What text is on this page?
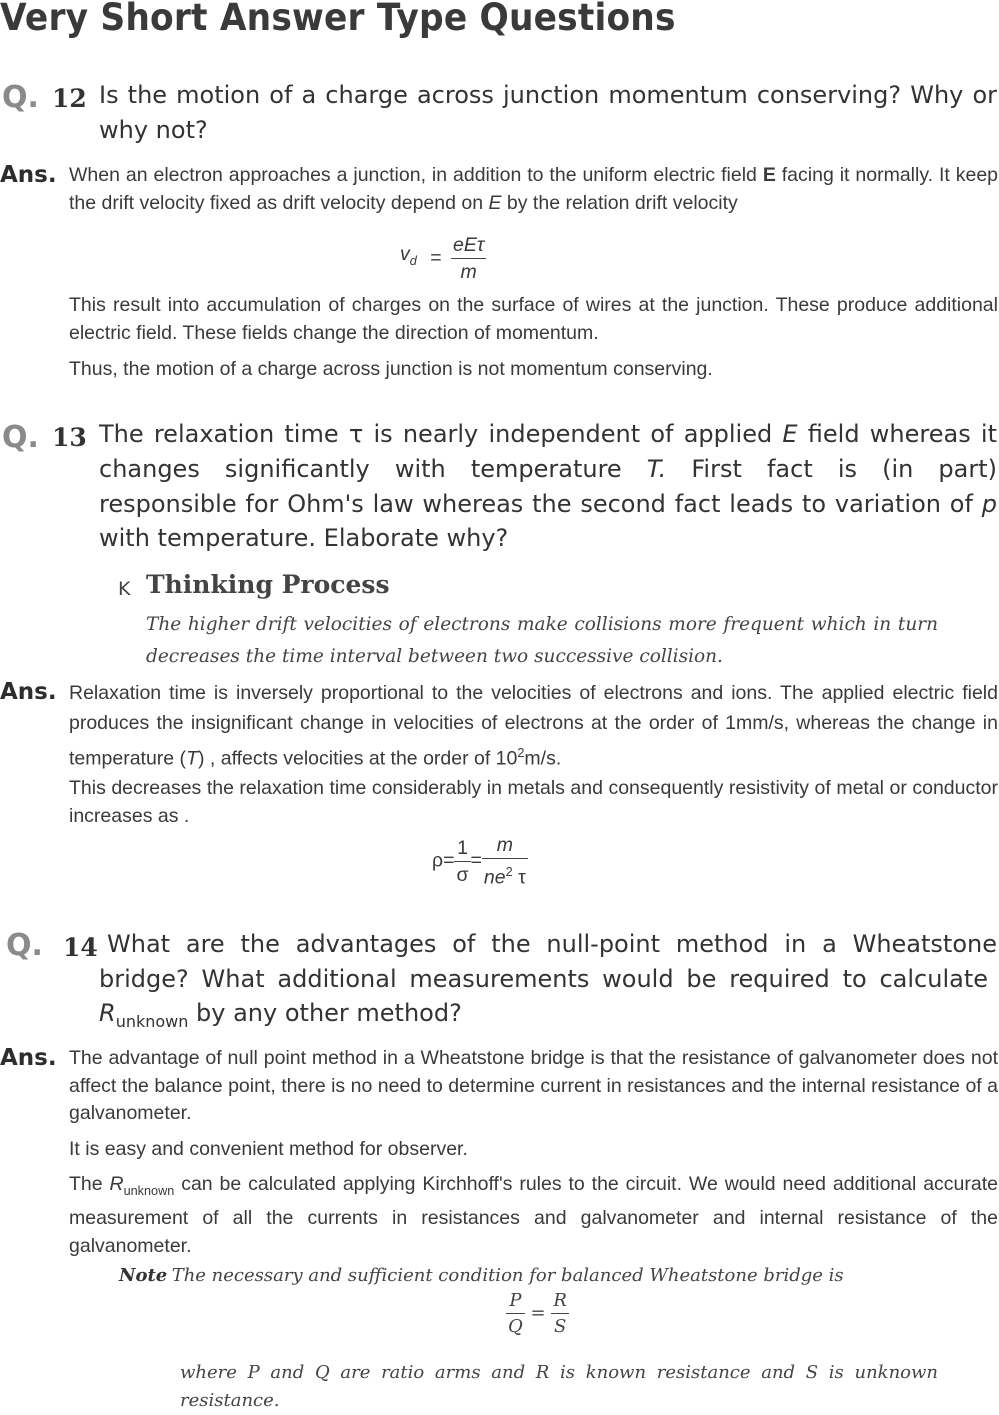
Very Short Answer Type Questions
Q. 12 Is the motion of a charge across junction momentum conserving? Why or
why not?
Ans. When an electron approaches a junction, in addition to the uniform electric field E facing it normally. It keep the drift velocity fixed as drift velocity depend on E by the relation drift velocity
$v_d = \frac{\text{eEτ}}{m}$
This result into accumulation of charges on the surface of wires at the junction. These produce additional electric field. These fields change the direction of momentum.
Thus, the motion of a charge across junction is not momentum conserving.
Q. 13 The relaxation time τ is nearly independent of applied E field whereas it
changes significantly with temperature T. First fact is (in part)
responsible for Ohm's law whereas the second fact leads to variation of p
with temperature. Elaborate why?
K Thinking Process
The higher drift velocities of electrons make collisions more frequent which in turn
decreases the time interval between two successive collision.
Ans. Relaxation time is inversely proportional to the velocities of electrons and ions. The applied electric field produces the insignificant change in velocities of electrons at the order of 1mm/s, whereas the change in temperature (T) , affects velocities at the order of $10^2m/s$.
This decreases the relaxation time considerably in metals and consequently resistivity of metal or conductor increases as .
$\rho= \frac{1}{\sigma} = \frac{m}{ne^2 \tau}$
Q. 14 What are the advantages of the null-point method in a Wheatstone
bridge? What additional measurements would be required to calculate
$R_{unknown}$ by any other method?
Ans. The advantage of null point method in a Wheatstone bridge is that the resistance of galvanometer does not affect the balance point, there is no need to determine current in resistances and the internal resistance of a galvanometer.
It is easy and convenient method for observer.
The $R_{unknown}$ can be calculated applying Kirchhoff's rules to the circuit. We would need additional accurate measurement of all the currents in resistances and galvanometer and internal resistance of the galvanometer.
Note The necessary and sufficient condition for balanced Wheatstone bridge is
$\frac{P}{Q} = \frac{R}{S}$
where P and Q are ratio arms and R is known resistance and S is unknown resistance.
